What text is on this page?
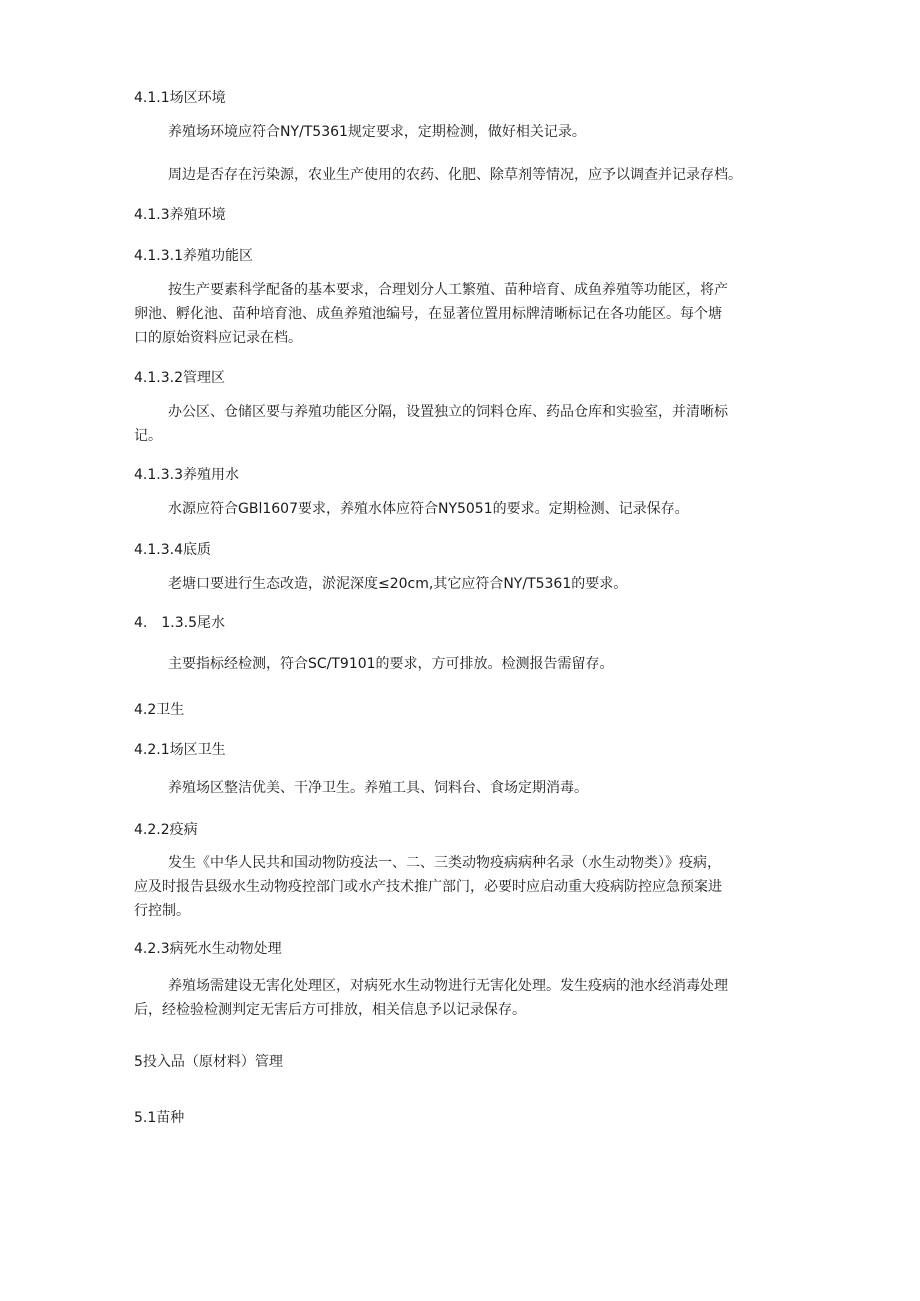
4.1.1场区环境
养殖场环境应符合NY/T5361规定要求，定期检测，做好相关记录。
周边是否存在污染源，农业生产使用的农药、化肥、除草剂等情况，应予以调查并记录存档。
4.1.3养殖环境
4.1.3.1养殖功能区
按生产要素科学配备的基本要求，合理划分人工繁殖、苗种培育、成鱼养殖等功能区，将产
卵池、孵化池、苗种培育池、成鱼养殖池编号，在显著位置用标牌清晰标记在各功能区。每个塘
口的原始资料应记录在档。
4.1.3.2管理区
办公区、仓储区要与养殖功能区分隔，设置独立的饲料仓库、药品仓库和实验室，并清晰标
记。
4.1.3.3养殖用水
水源应符合GBl1607要求，养殖水体应符合NY5051的要求。定期检测、记录保存。
4.1.3.4底质
老塘口要进行生态改造，淤泥深度≤20cm,其它应符合NY/T5361的要求。
4.　1.3.5尾水
主要指标经检测，符合SC/T9101的要求，方可排放。检测报告需留存。
4.2卫生
4.2.1场区卫生
养殖场区整洁优美、干净卫生。养殖工具、饲料台、食场定期消毒。
4.2.2疫病
发生《中华人民共和国动物防疫法一、二、三类动物疫病病种名录（水生动物类）》疫病，
应及时报告县级水生动物疫控部门或水产技术推广部门，必要时应启动重大疫病防控应急预案进
行控制。
4.2.3病死水生动物处理
养殖场需建设无害化处理区，对病死水生动物进行无害化处理。发生疫病的池水经消毒处理
后，经检验检测判定无害后方可排放，相关信息予以记录保存。
5投入品（原材料）管理
5.1苗种
